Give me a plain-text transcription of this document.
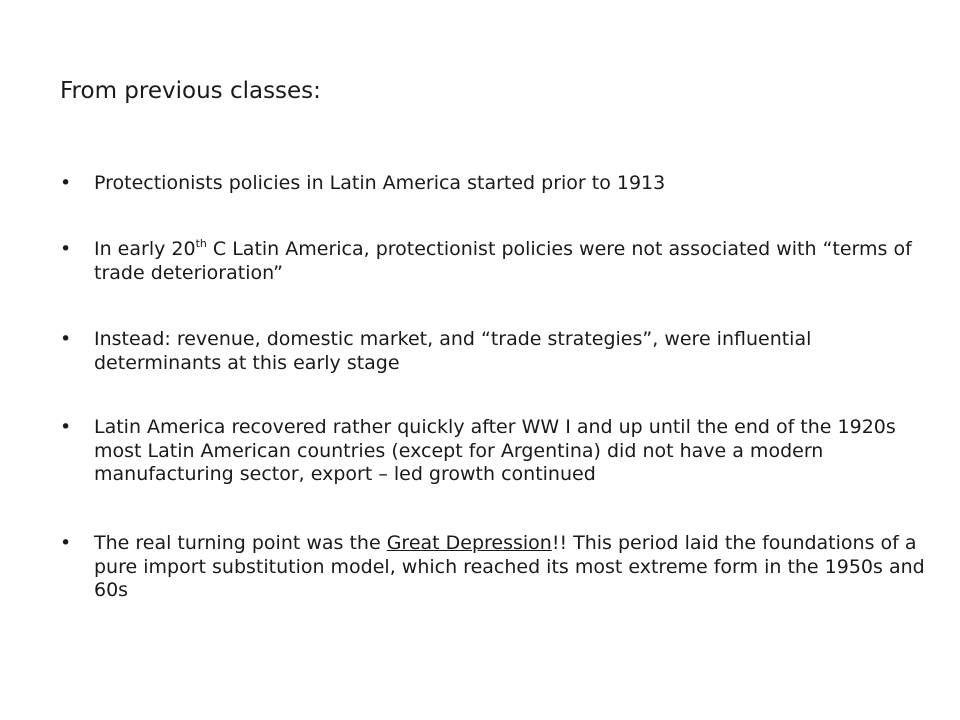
From previous classes:
• Protectionists policies in Latin America started prior to 1913
• In early 20th C Latin America, protectionist policies were not associated with “terms of trade deterioration”
• Instead: revenue, domestic market, and “trade strategies”, were influential determinants at this early stage
• Latin America recovered rather quickly after WW I and up until the end of the 1920s most Latin American countries (except for Argentina) did not have a modern manufacturing sector, export – led growth continued
• The real turning point was the Great Depression!! This period laid the foundations of a pure import substitution model, which reached its most extreme form in the 1950s and 60s
